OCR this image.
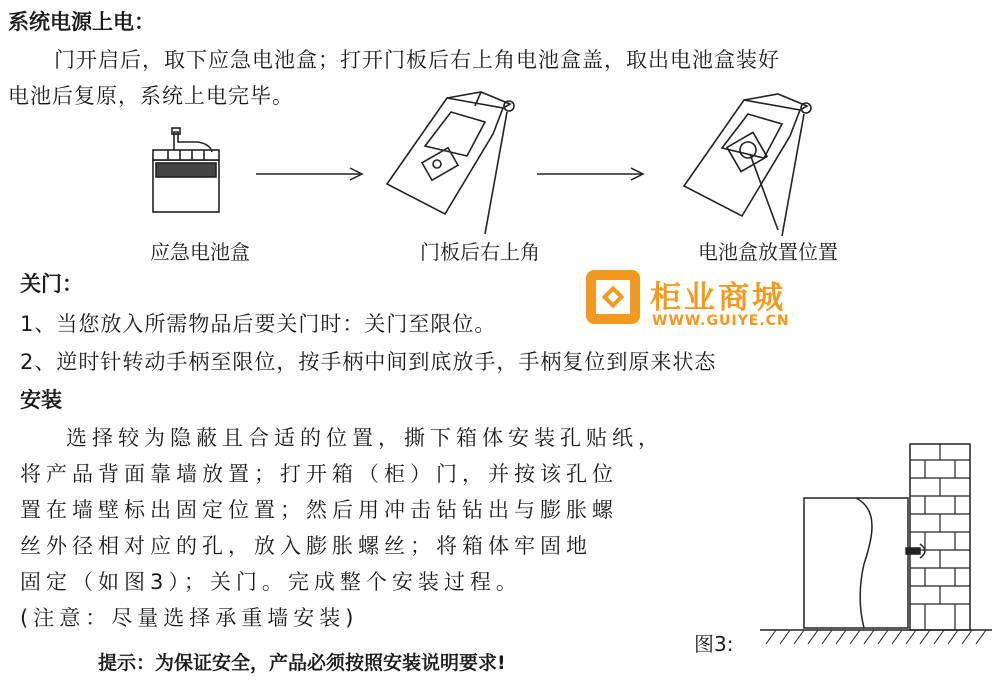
系统电源上电：
门开启后，取下应急电池盒；打开门板后右上角电池盒盖，取出电池盒装好
电池后复原，系统上电完毕。
应急电池盒	门板后右上角	电池盒放置位置
柜业商城
WWW.GUIYE.CN
关门：
1、当您放入所需物品后要关门时：关门至限位。
2、逆时针转动手柄至限位，按手柄中间到底放手，手柄复位到原来状态
安装
选择较为隐蔽且合适的位置，撕下箱体安装孔贴纸，
将产品背面靠墙放置；打开箱（柜）门，并按该孔位
置在墙壁标出固定位置；然后用冲击钻钻出与膨胀螺
丝外径相对应的孔，放入膨胀螺丝；将箱体牢固地
固定（如图3）；关门。完成整个安装过程。
(注意：尽量选择承重墙安装)
图3:
提示：为保证安全，产品必须按照安装说明要求!
